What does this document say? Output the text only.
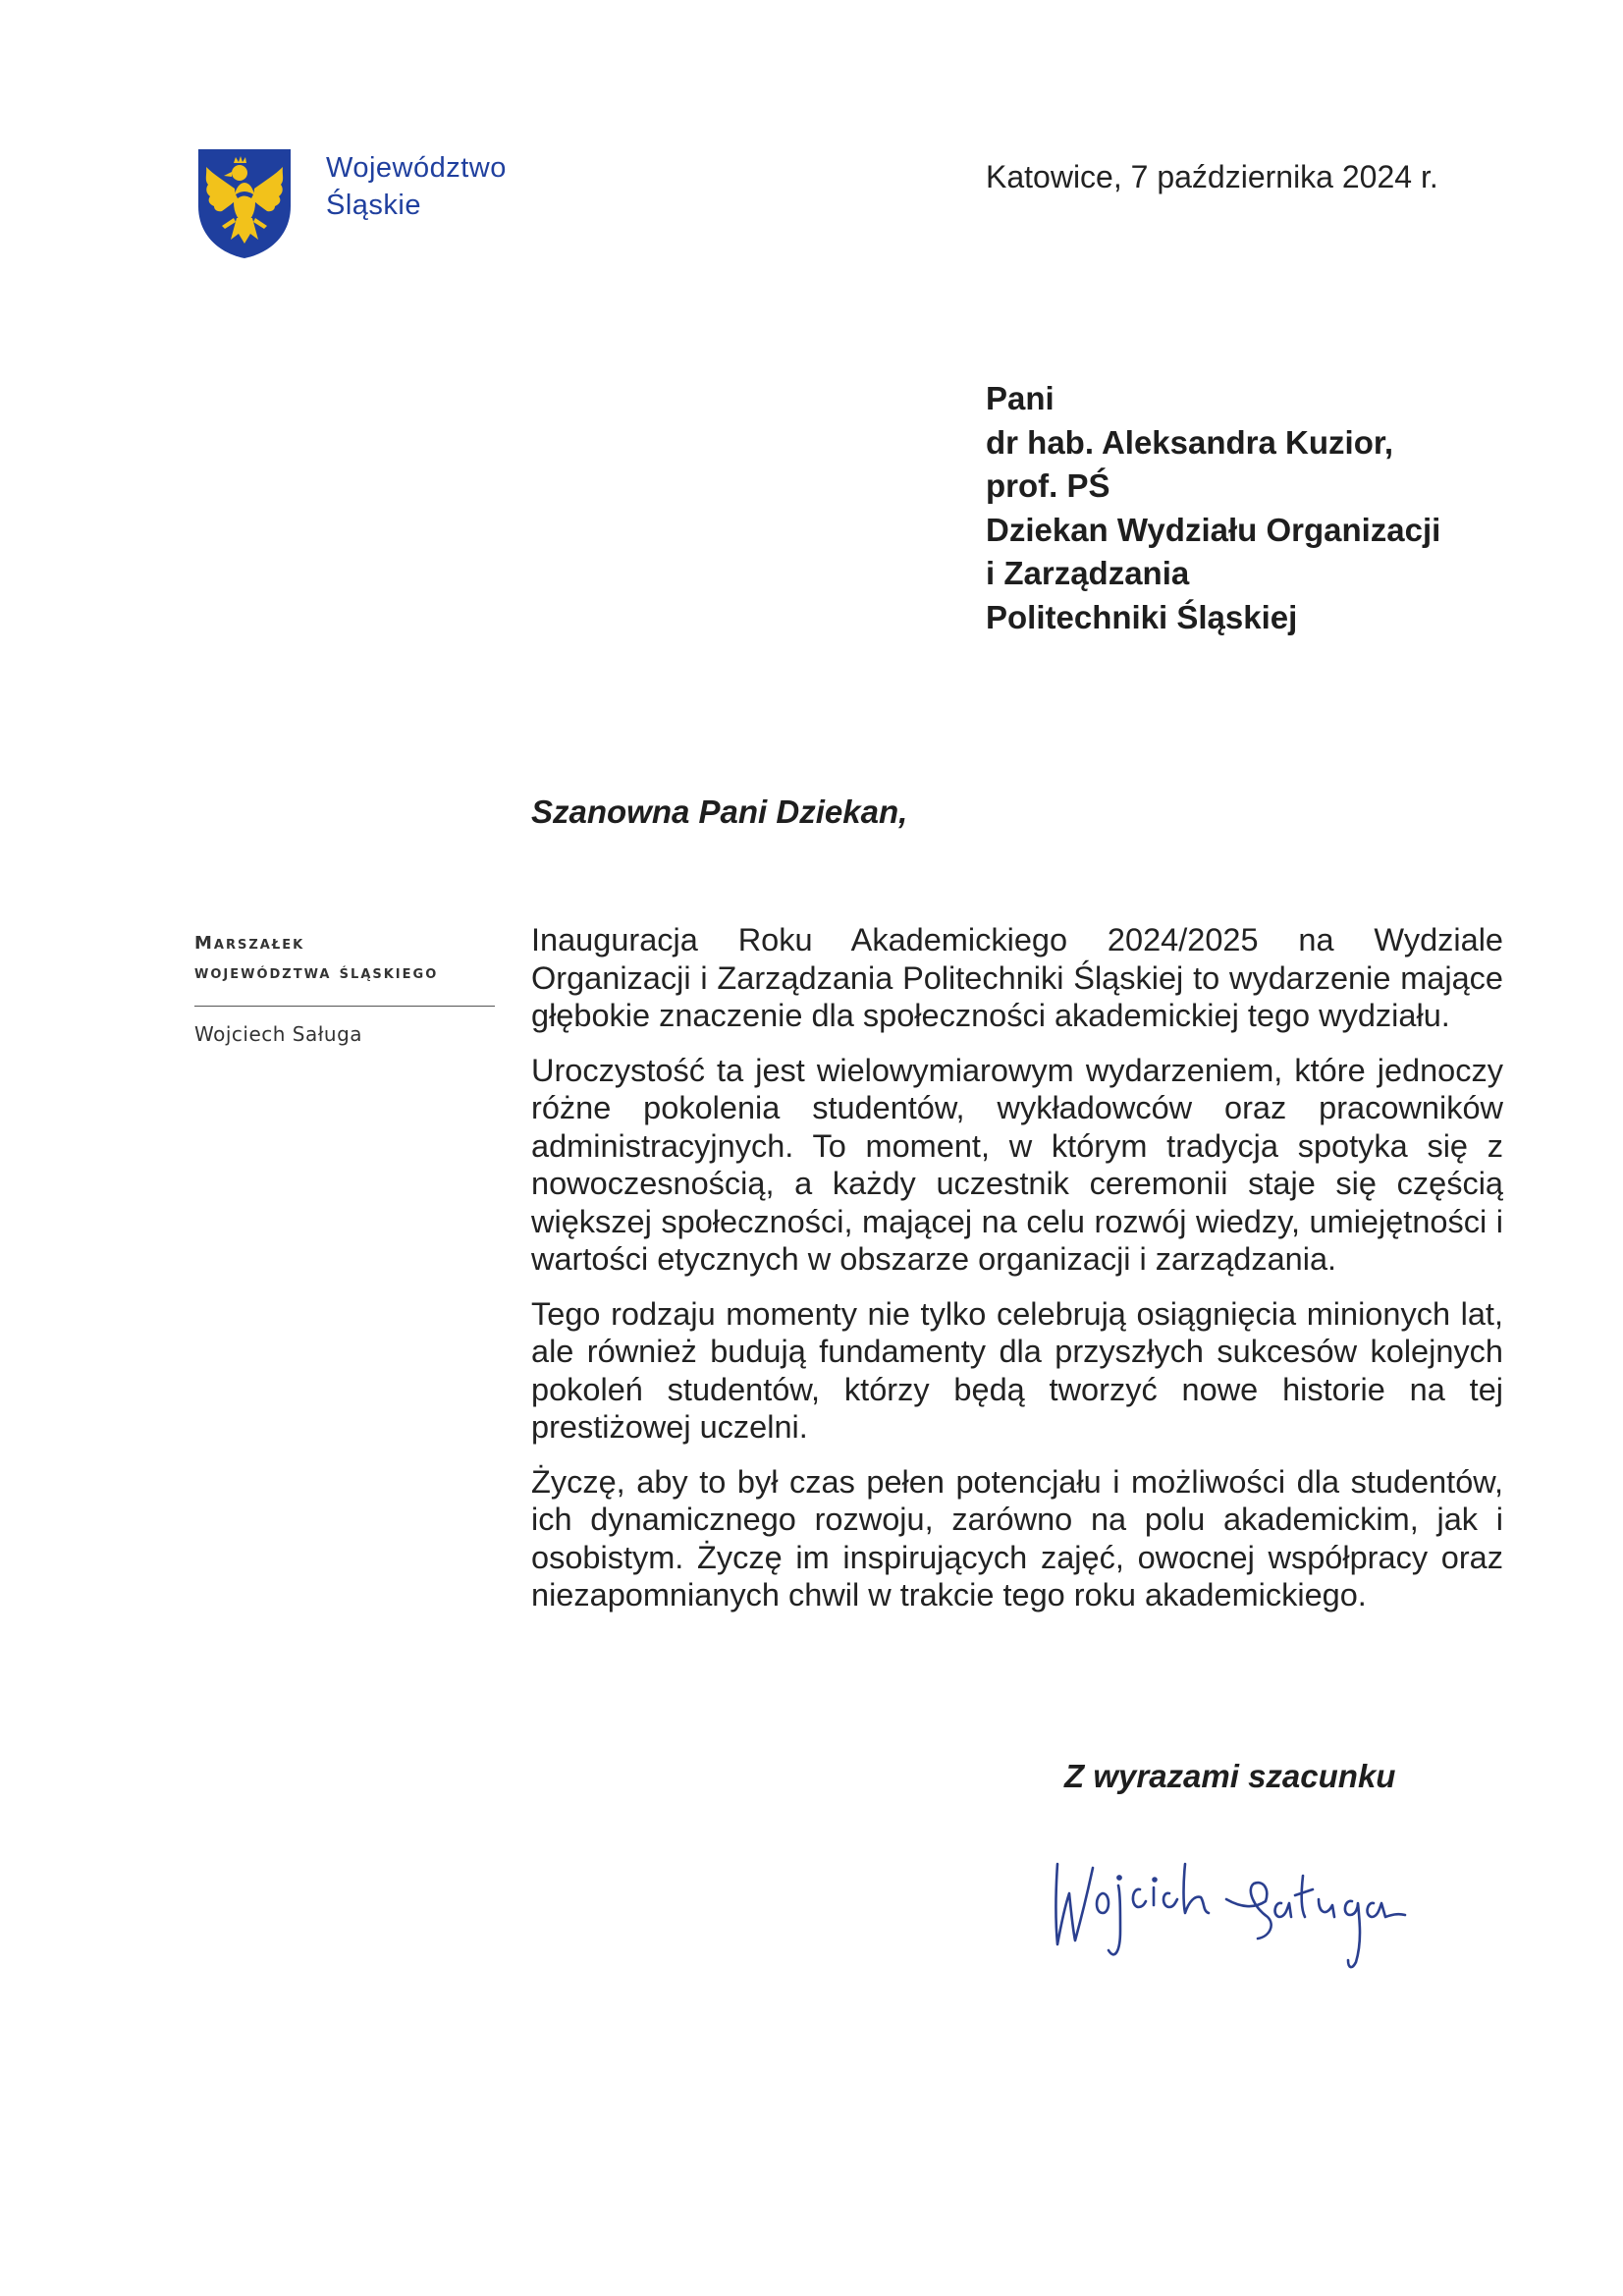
Województwo
Śląskie
Katowice, 7 października 2024 r.
Pani
dr hab. Aleksandra Kuzior,
prof. PŚ
Dziekan Wydziału Organizacji
i Zarządzania
Politechniki Śląskiej
Szanowna Pani Dziekan,
Marszałek
województwa śląskiego
Wojciech Saługa

Inauguracja Roku Akademickiego 2024/2025 na Wydziale Organizacji i Zarządzania Politechniki Śląskiej to wydarzenie mające głębokie znaczenie dla społeczności akademickiej tego wydziału.

Uroczystość ta jest wielowymiarowym wydarzeniem, które jednoczy różne pokolenia studentów, wykładowców oraz pracowników administracyjnych. To moment, w którym tradycja spotyka się z nowoczesnością, a każdy uczestnik ceremonii staje się częścią większej społeczności, mającej na celu rozwój wiedzy, umiejętności i wartości etycznych w obszarze organizacji i zarządzania.

Tego rodzaju momenty nie tylko celebrują osiągnięcia minionych lat, ale również budują fundamenty dla przyszłych sukcesów kolejnych pokoleń studentów, którzy będą tworzyć nowe historie na tej prestiżowej uczelni.

Życzę, aby to był czas pełen potencjału i możliwości dla studentów, ich dynamicznego rozwoju, zarówno na polu akademickim, jak i osobistym. Życzę im inspirujących zajęć, owocnej współpracy oraz niezapomnianych chwil w trakcie tego roku akademickiego.

Z wyrazami szacunku
